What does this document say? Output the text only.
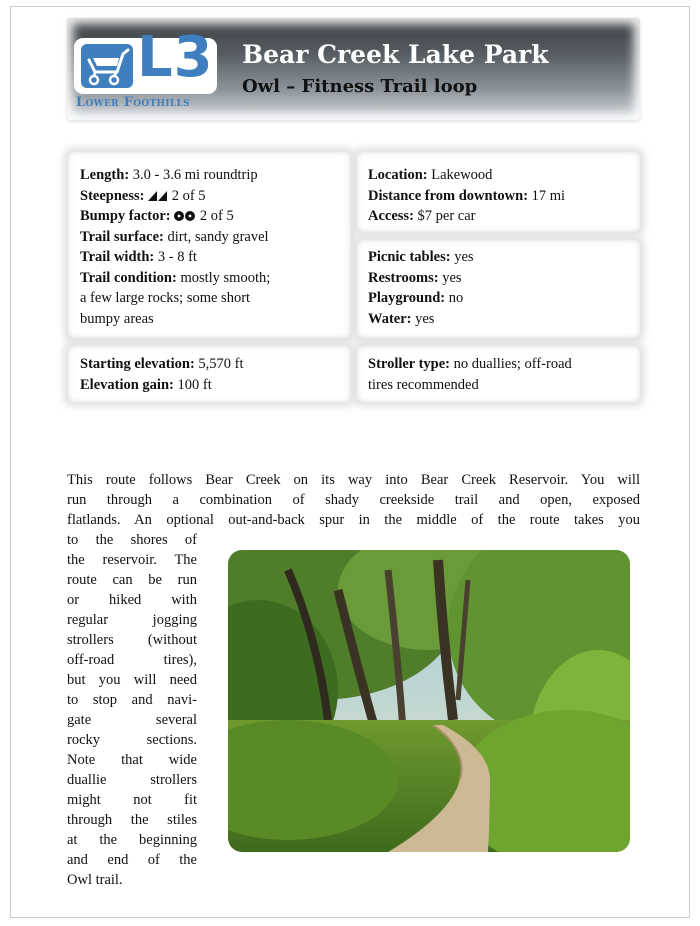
L3
Lower Foothills
Bear Creek Lake Park
Owl – Fitness Trail loop
Length: 3.0 - 3.6 mi roundtrip
Steepness: 2 of 5
Bumpy factor: 2 of 5
Trail surface: dirt, sandy gravel
Trail width: 3 - 8 ft
Trail condition: mostly smooth;
a few large rocks; some short
bumpy areas
Starting elevation: 5,570 ft
Elevation gain: 100 ft
Location: Lakewood
Distance from downtown: 17 mi
Access: $7 per car
Picnic tables: yes
Restrooms: yes
Playground: no
Water: yes
Stroller type: no duallies; off-road
tires recommended
This route follows Bear Creek on its way into Bear Creek Reservoir. You will
run through a combination of shady creekside trail and open, exposed
flatlands. An optional out-and-back spur in the middle of the route takes you
to the shores of
the reservoir. The
route can be run
or hiked with
regular jogging
strollers (without
off-road tires),
but you will need
to stop and navi-
gate several
rocky sections.
Note that wide
duallie strollers
might not fit
through the stiles
at the beginning
and end of the
Owl trail.
